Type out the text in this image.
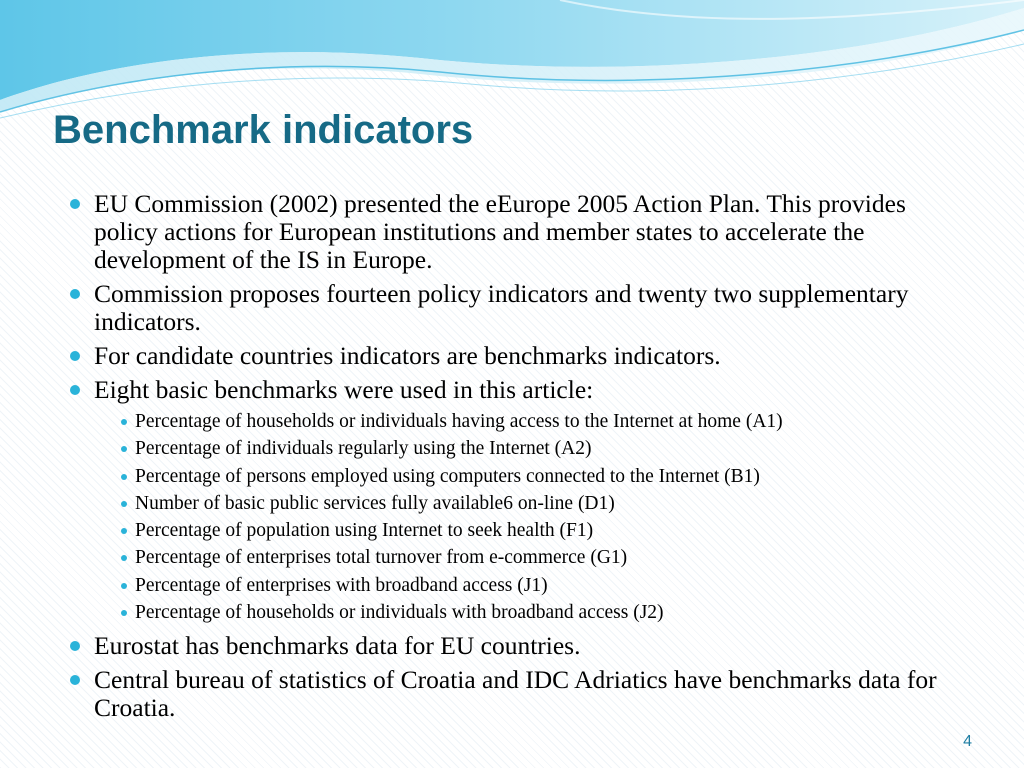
Benchmark indicators
EU Commission (2002) presented the eEurope 2005 Action Plan. This provides policy actions for European institutions and member states to accelerate the development of the IS in Europe.
Commission proposes fourteen policy indicators and twenty two supplementary indicators.
For candidate countries indicators are benchmarks indicators.
Eight basic benchmarks were used in this article:
Percentage of households or individuals having access to the Internet at home (A1)
Percentage of individuals regularly using the Internet (A2)
Percentage of persons employed using computers connected to the Internet (B1)
Number of basic public services fully available6 on-line (D1)
Percentage of population using Internet to seek health (F1)
Percentage of enterprises total turnover from e-commerce (G1)
Percentage of enterprises with broadband access (J1)
Percentage of households or individuals with broadband access (J2)
Eurostat has benchmarks data for EU countries.
Central bureau of statistics of Croatia and IDC Adriatics have benchmarks data for Croatia.
4
